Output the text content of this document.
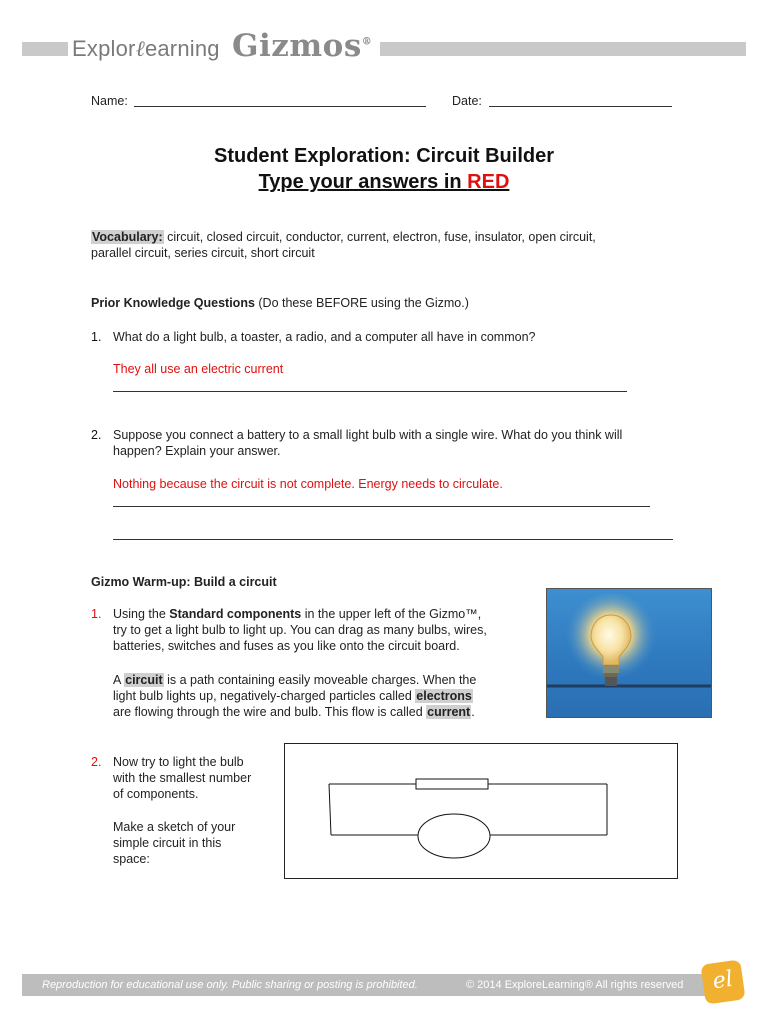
Explorℓearning Gizmos®
Name:	Date:
Student Exploration: Circuit Builder
Type your answers in RED
Vocabulary: circuit, closed circuit, conductor, current, electron, fuse, insulator, open circuit,
parallel circuit, series circuit, short circuit
Prior Knowledge Questions (Do these BEFORE using the Gizmo.)
1. What do a light bulb, a toaster, a radio, and a computer all have in common?
They all use an electric current
2. Suppose you connect a battery to a small light bulb with a single wire. What do you think will
happen? Explain your answer.
Nothing because the circuit is not complete. Energy needs to circulate.
Gizmo Warm-up: Build a circuit
1. Using the Standard components in the upper left of the Gizmo™,
try to get a light bulb to light up. You can drag as many bulbs, wires,
batteries, switches and fuses as you like onto the circuit board.
A circuit is a path containing easily moveable charges. When the
light bulb lights up, negatively-charged particles called electrons
are flowing through the wire and bulb. This flow is called current.
2. Now try to light the bulb
with the smallest number
of components.
Make a sketch of your
simple circuit in this
space:
Reproduction for educational use only. Public sharing or posting is prohibited.	© 2014 ExploreLearning® All rights reserved	el
